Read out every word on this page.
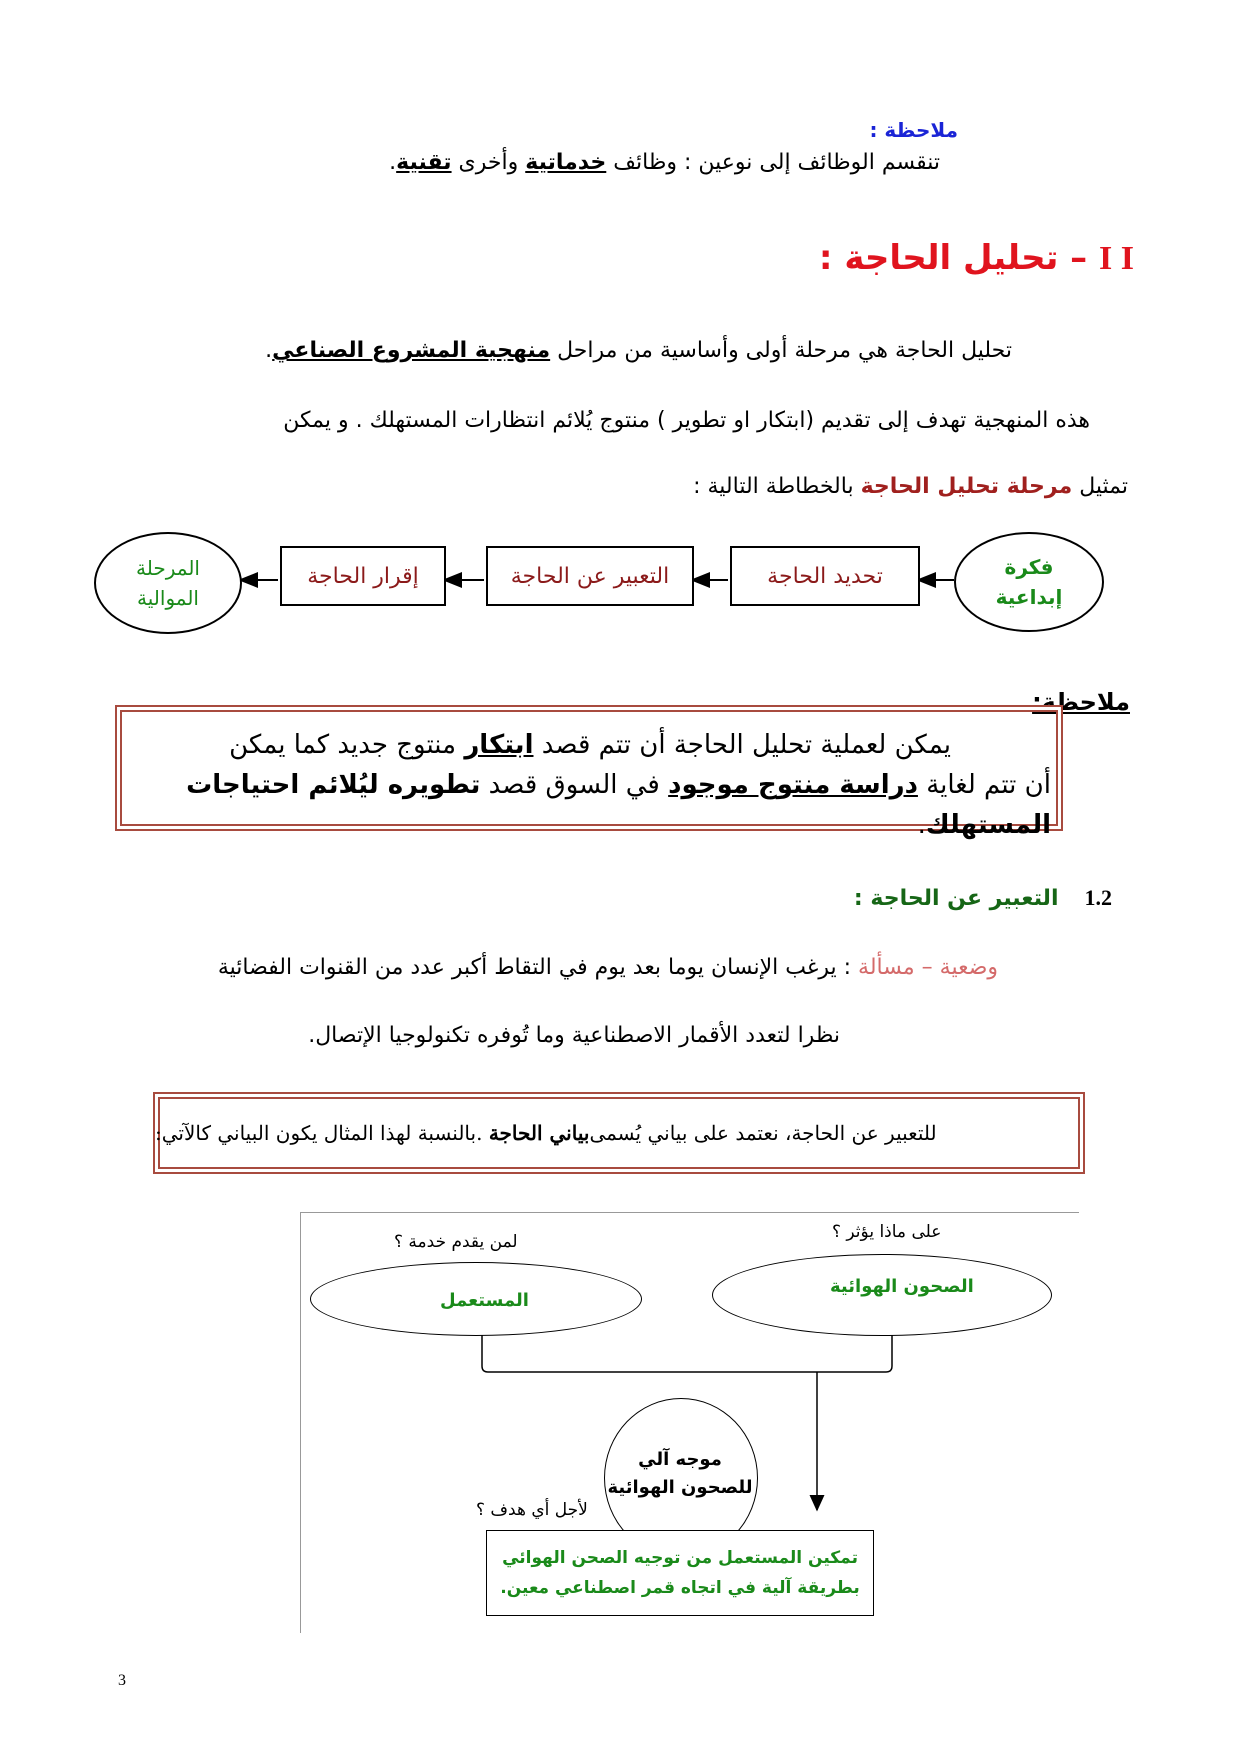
ملاحظة :
تنقسم الوظائف إلى نوعين : وظائف خدماتية وأخرى تقنية.
I I – تحليل الحاجة :
تحليل الحاجة هي مرحلة أولى وأساسية من مراحل منهجية المشروع الصناعي.
هذه المنهجية تهدف إلى تقديم (ابتكار او تطوير ) منتوج يُلائم انتظارات المستهلك . و يمكن
تمثيل مرحلة تحليل الحاجة بالخطاطة التالية :
فكرة
إبداعية
تحديد الحاجة
التعبير عن الحاجة
إقرار الحاجة
المرحلة
الموالية
ملاحظة:
يمكن لعملية تحليل الحاجة أن تتم قصد ابتكار منتوج جديد كما يمكن
أن تتم لغاية دراسة منتوج موجود في السوق قصد تطويره ليُلائم احتياجات المستهلك.
1.2التعبير عن الحاجة :
وضعية – مسألة : يرغب الإنسان يوما بعد يوم في التقاط أكبر عدد من القنوات الفضائية
نظرا لتعدد الأقمار الاصطناعية وما تُوفره تكنولوجيا الإتصال.
للتعبير عن الحاجة، نعتمد على بياني يُسمى
بياني الحاجة

.بالنسبة لهذا المثال يكون البياني كالآتي:
لمن يقدم خدمة ؟	على ماذا يؤثر ؟
المستعمل
الصحون الهوائية
موجه آلي
للصحون الهوائية
لأجل أي هدف ؟
تمكين المستعمل من توجيه الصحن الهوائي
بطريقة آلية في اتجاه قمر اصطناعي معين.
3
